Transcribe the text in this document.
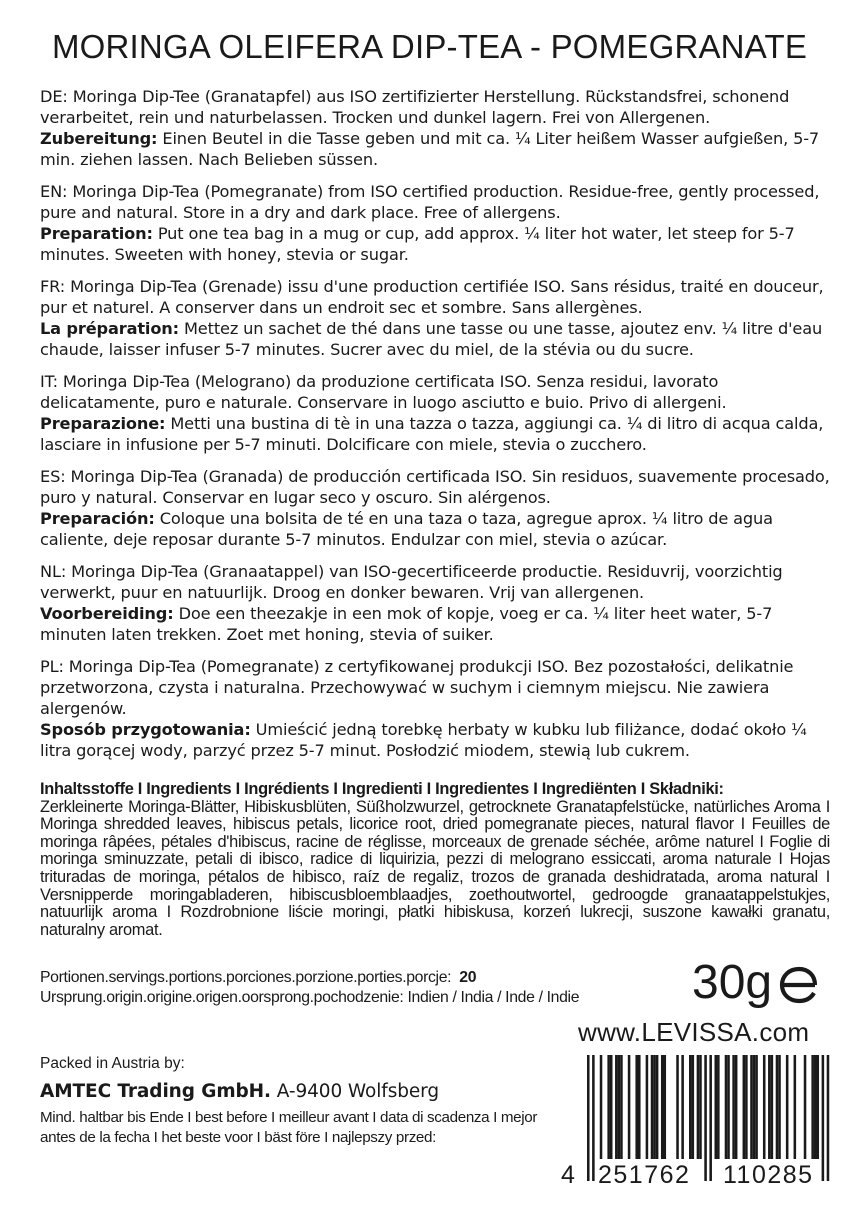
MORINGA OLEIFERA DIP-TEA - POMEGRANATE
DE: Moringa Dip-Tee (Granatapfel) aus ISO zertifizierter Herstellung. Rückstandsfrei, schonend verarbeitet, rein und naturbelassen. Trocken und dunkel lagern. Frei von Allergenen.
Zubereitung: Einen Beutel in die Tasse geben und mit ca. ¼ Liter heißem Wasser aufgießen, 5-7 min. ziehen lassen. Nach Belieben süssen.
EN: Moringa Dip-Tea (Pomegranate) from ISO certified production. Residue-free, gently processed, pure and natural. Store in a dry and dark place. Free of allergens.
Preparation: Put one tea bag in a mug or cup, add approx. ¼ liter hot water, let steep for 5-7 minutes. Sweeten with honey, stevia or sugar.
FR: Moringa Dip-Tea (Grenade) issu d'une production certifiée ISO. Sans résidus, traité en douceur, pur et naturel. A conserver dans un endroit sec et sombre. Sans allergènes.
La préparation: Mettez un sachet de thé dans une tasse ou une tasse, ajoutez env. ¼ litre d'eau chaude, laisser infuser 5-7 minutes. Sucrer avec du miel, de la stévia ou du sucre.
IT: Moringa Dip-Tea (Melograno) da produzione certificata ISO. Senza residui, lavorato delicatamente, puro e naturale. Conservare in luogo asciutto e buio. Privo di allergeni.
Preparazione: Metti una bustina di tè in una tazza o tazza, aggiungi ca. ¼ di litro di acqua calda, lasciare in infusione per 5-7 minuti. Dolcificare con miele, stevia o zucchero.
ES: Moringa Dip-Tea (Granada) de producción certificada ISO. Sin residuos, suavemente procesado, puro y natural. Conservar en lugar seco y oscuro. Sin alérgenos.
Preparación: Coloque una bolsita de té en una taza o taza, agregue aprox. ¼ litro de agua caliente, deje reposar durante 5-7 minutos. Endulzar con miel, stevia o azúcar.
NL: Moringa Dip-Tea (Granaatappel) van ISO-gecertificeerde productie. Residuvrij, voorzichtig verwerkt, puur en natuurlijk. Droog en donker bewaren. Vrij van allergenen.
Voorbereiding: Doe een theezakje in een mok of kopje, voeg er ca. ¼ liter heet water, 5-7 minuten laten trekken. Zoet met honing, stevia of suiker.
PL: Moringa Dip-Tea (Pomegranate) z certyfikowanej produkcji ISO. Bez pozostałości, delikatnie przetworzona, czysta i naturalna. Przechowywać w suchym i ciemnym miejscu. Nie zawiera alergenów.
Sposób przygotowania: Umieścić jedną torebkę herbaty w kubku lub filiżance, dodać około ¼ litra gorącej wody, parzyć przez 5-7 minut. Posłodzić miodem, stewią lub cukrem.
Inhaltsstoffe I Ingredients I Ingrédients I Ingredienti I Ingredientes I Ingrediënten I Składniki:
Zerkleinerte Moringa-Blätter, Hibiskusblüten, Süßholzwurzel, getrocknete Granatapfelstücke, natürliches Aroma I Moringa shredded leaves, hibiscus petals, licorice root, dried pomegranate pieces, natural flavor I Feuilles de moringa râpées, pétales d'hibiscus, racine de réglisse, morceaux de grenade séchée, arôme naturel I Foglie di moringa sminuzzate, petali di ibisco, radice di liquirizia, pezzi di melograno essiccati, aroma naturale I Hojas trituradas de moringa, pétalos de hibisco, raíz de regaliz, trozos de granada deshidratada, aroma natural I Versnipperde moringabladeren, hibiscusbloemblaadjes, zoethoutwortel, gedroogde granaatappelstukjes, natuurlijk aroma I Rozdrobnione liście moringi, płatki hibiskusa, korzeń lukrecji, suszone kawałki granatu, naturalny aromat.
Portionen.servings.portions.porciones.porzione.porties.porcje: 20
Ursprung.origin.origine.origen.oorsprong.pochodzenie: Indien / India / Inde / Indie 30g
www.LEVISSA.com
Packed in Austria by:
AMTEC Trading GmbH. A-9400 Wolfsberg
Mind. haltbar bis Ende I best before I meilleur avant I data di scadenza I mejor antes de la fecha I het beste voor I bäst före I najlepszy przed:
4 251762 110285
